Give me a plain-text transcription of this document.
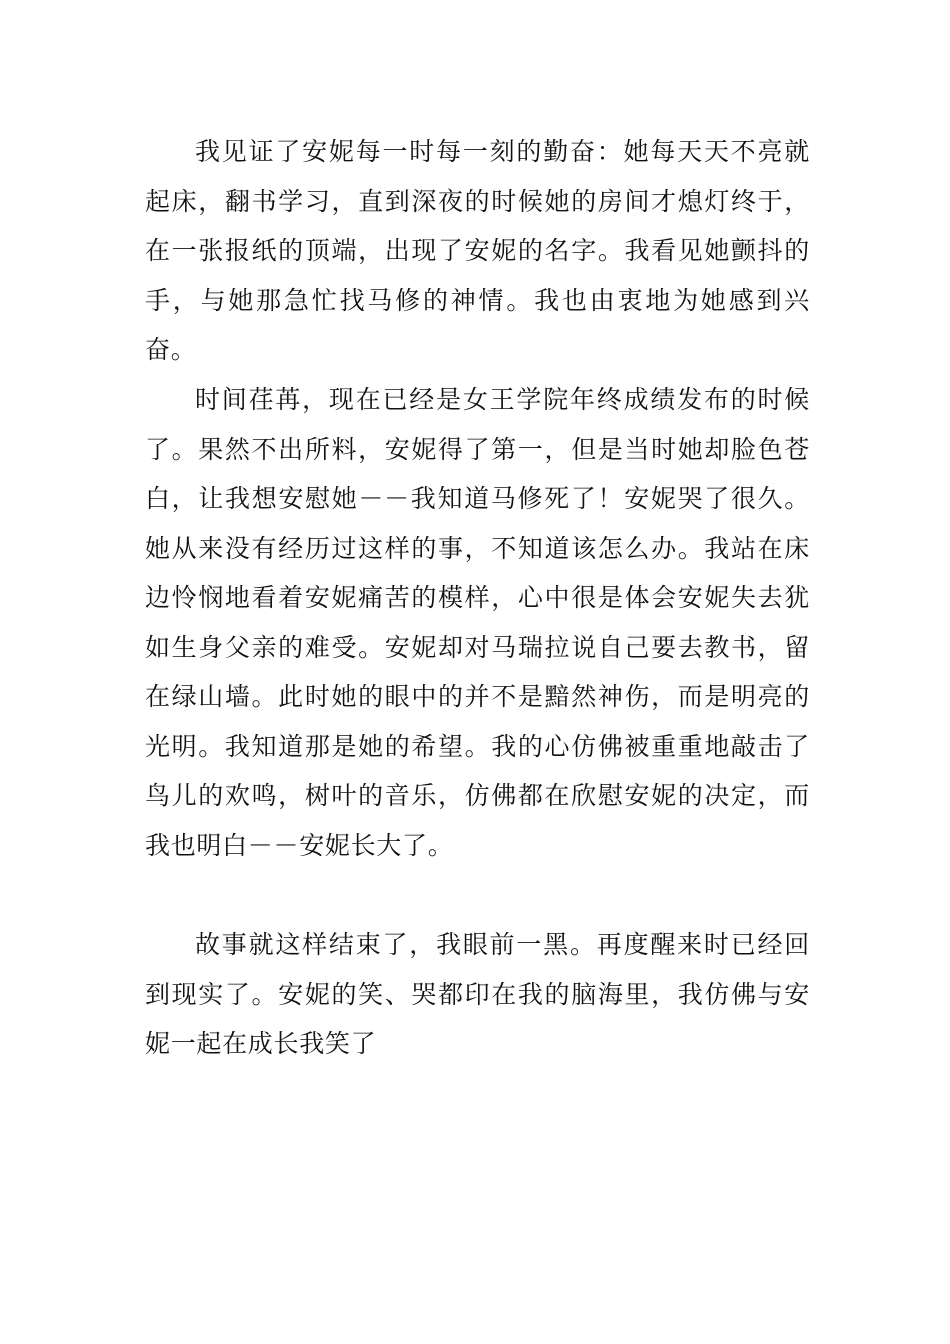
我见证了安妮每一时每一刻的勤奋：她每天天不亮就起床，翻书学习，直到深夜的时候她的房间才熄灯终于，在一张报纸的顶端，出现了安妮的名字。我看见她颤抖的手，与她那急忙找马修的神情。我也由衷地为她感到兴奋。

时间荏苒，现在已经是女王学院年终成绩发布的时候了。果然不出所料，安妮得了第一，但是当时她却脸色苍白，让我想安慰她－－我知道马修死了！安妮哭了很久。她从来没有经历过这样的事，不知道该怎么办。我站在床边怜悯地看着安妮痛苦的模样，心中很是体会安妮失去犹如生身父亲的难受。安妮却对马瑞拉说自己要去教书，留在绿山墙。此时她的眼中的并不是黯然神伤，而是明亮的光明。我知道那是她的希望。我的心仿佛被重重地敲击了鸟儿的欢鸣，树叶的音乐，仿佛都在欣慰安妮的决定，而我也明白－－安妮长大了。

故事就这样结束了，我眼前一黑。再度醒来时已经回到现实了。安妮的笑、哭都印在我的脑海里，我仿佛与安妮一起在成长我笑了
